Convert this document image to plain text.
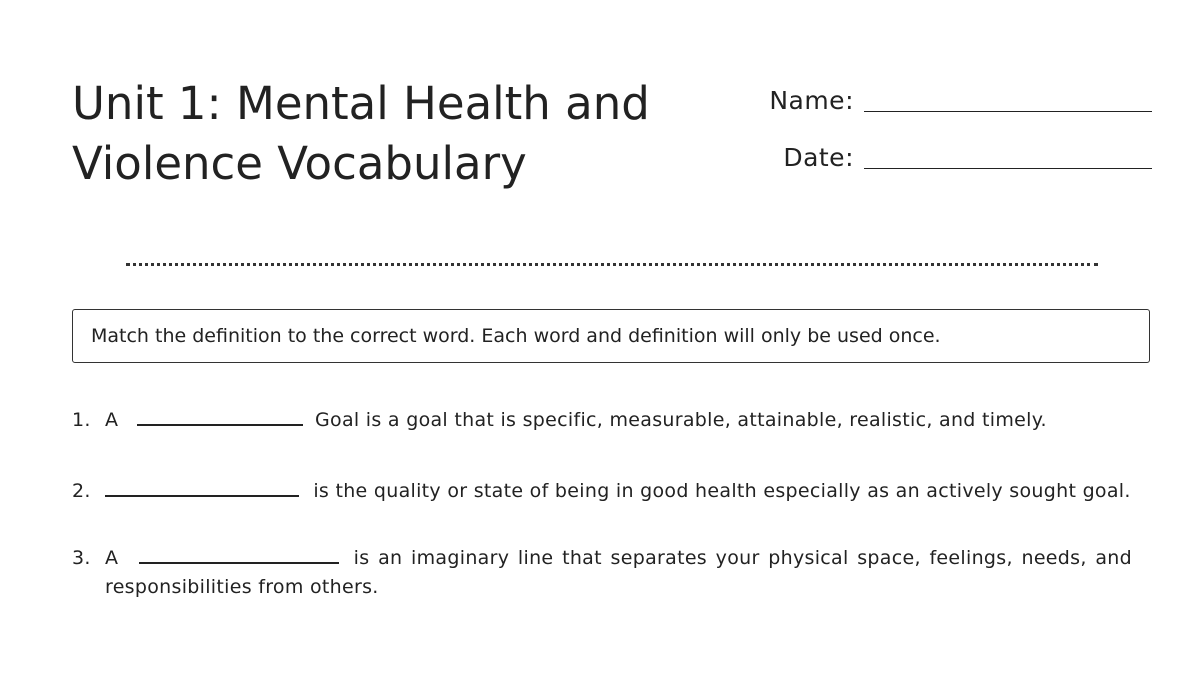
Unit 1: Mental Health and
Violence Vocabulary
Name:
Date:
Match the definition to the correct word. Each word and definition will only be used once.
1. A	Goal is a goal that is specific, measurable, attainable, realistic, and timely.
2.	is the quality or state of being in good health especially as an actively sought goal.
3. A	is an imaginary line that separates your physical space, feelings, needs, and responsibilities from others.
